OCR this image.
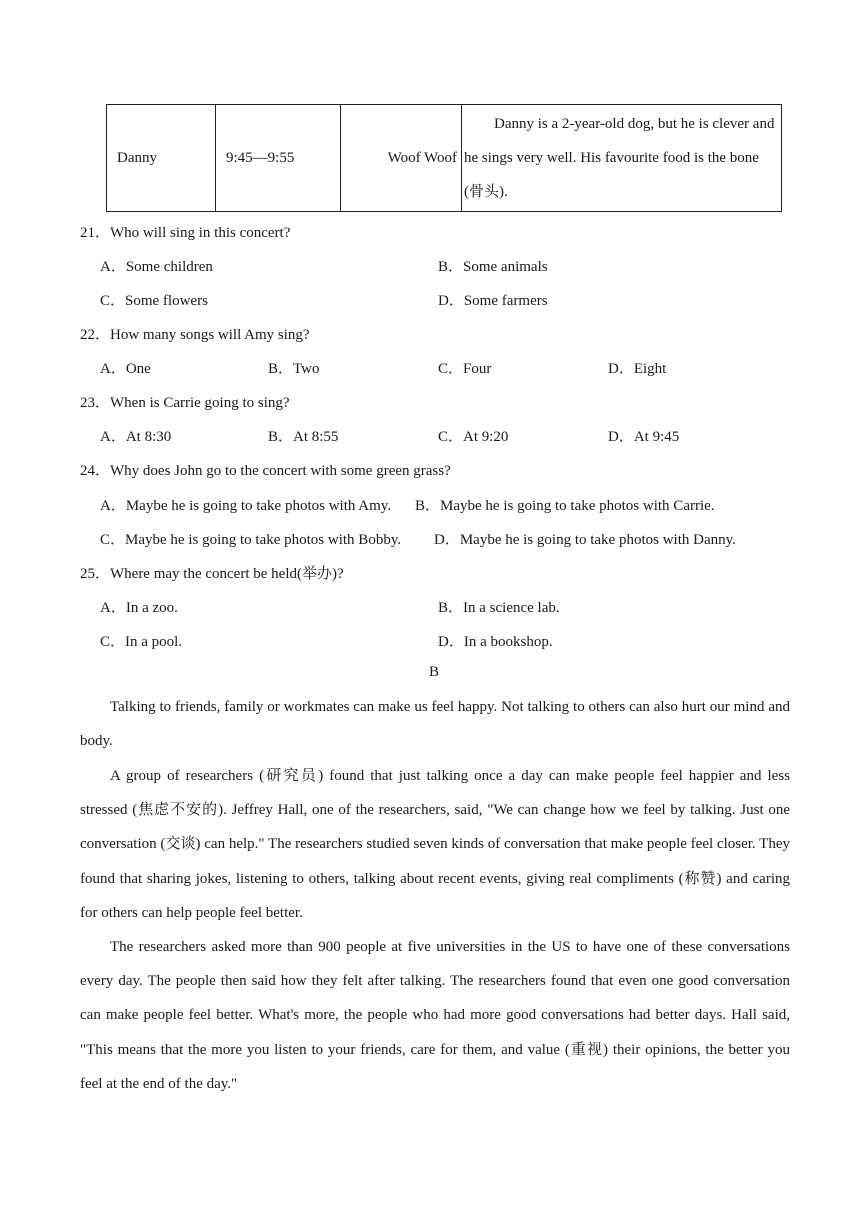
Danny	9:45—9:55	Woof Woof	Danny is a 2-year-old dog, but he is clever and he sings very well. His favourite food is the bone (骨头).
21．Who will sing in this concert?
A．Some children	B．Some animals
C．Some flowers	D．Some farmers
22．How many songs will Amy sing?
A．One	B．Two	C．Four	D．Eight
23．When is Carrie going to sing?
A．At 8:30	B．At 8:55	C．At 9:20	D．At 9:45
24．Why does John go to the concert with some green grass?
A．Maybe he is going to take photos with Amy. B．Maybe he is going to take photos with Carrie.
C．Maybe he is going to take photos with Bobby. D．Maybe he is going to take photos with Danny.
25．Where may the concert be held(举办)?
A．In a zoo.	B．In a science lab.
C．In a pool.	D．In a bookshop.
B
Talking to friends, family or workmates can make us feel happy. Not talking to others can also hurt our mind and body.
A group of researchers (研究员) found that just talking once a day can make people feel happier and less stressed (焦虑不安的). Jeffrey Hall, one of the researchers, said, "We can change how we feel by talking. Just one conversation (交谈) can help." The researchers studied seven kinds of conversation that make people feel closer. They found that sharing jokes, listening to others, talking about recent events, giving real compliments (称赞) and caring for others can help people feel better.
The researchers asked more than 900 people at five universities in the US to have one of these conversations every day. The people then said how they felt after talking. The researchers found that even one good conversation can make people feel better. What's more, the people who had more good conversations had better days. Hall said, "This means that the more you listen to your friends, care for them, and value (重视) their opinions, the better you feel at the end of the day."
